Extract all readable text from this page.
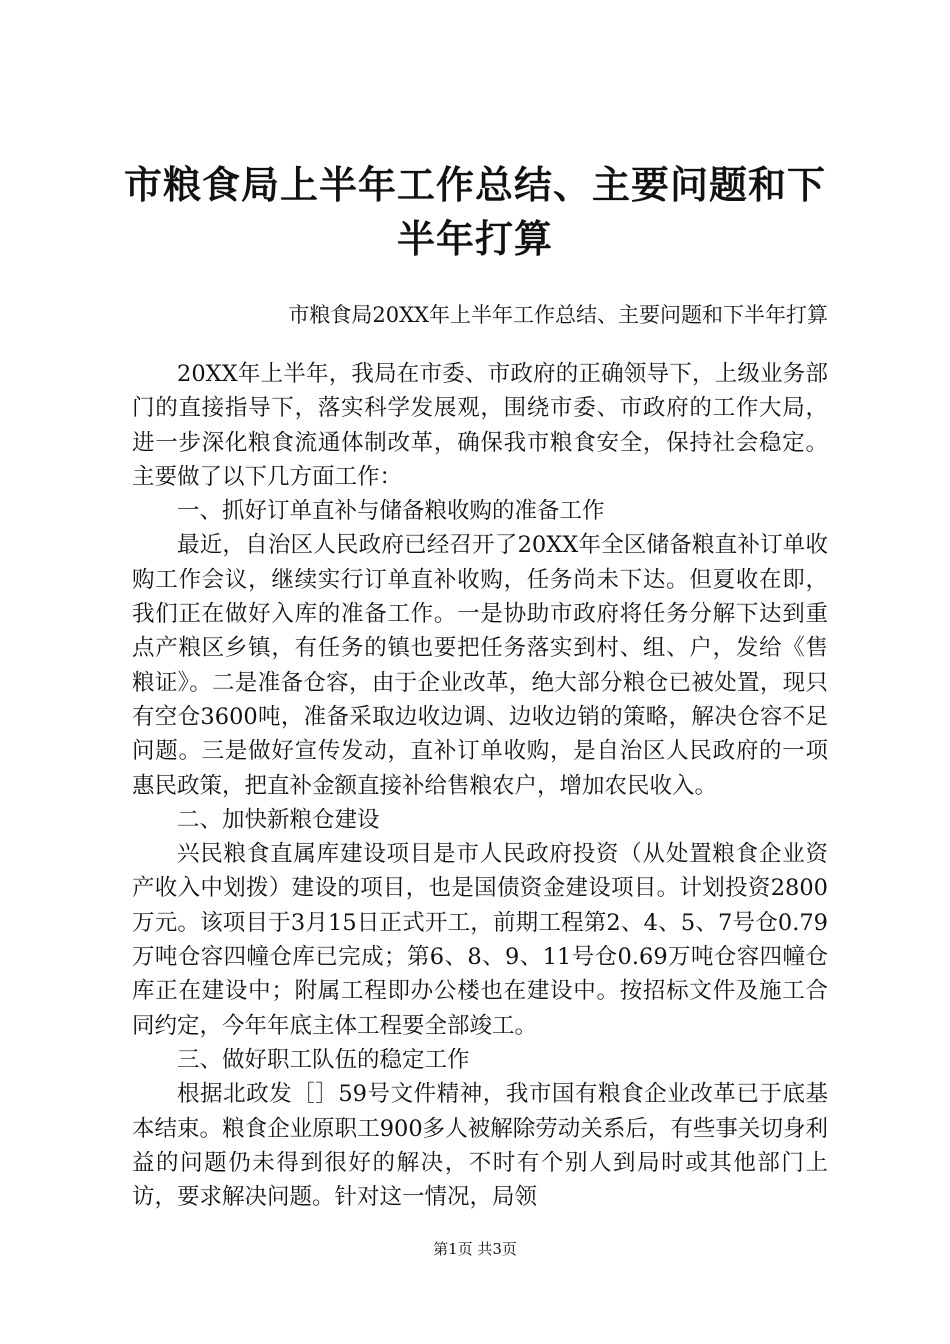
市粮食局上半年工作总结、主要问题和下半年打算

市粮食局20XX年上半年工作总结、主要问题和下半年打算

20XX年上半年，我局在市委、市政府的正确领导下，上级业务部门的直接指导下，落实科学发展观，围绕市委、市政府的工作大局，进一步深化粮食流通体制改革，确保我市粮食安全，保持社会稳定。主要做了以下几方面工作：

一、抓好订单直补与储备粮收购的准备工作

最近，自治区人民政府已经召开了20XX年全区储备粮直补订单收购工作会议，继续实行订单直补收购，任务尚未下达。但夏收在即，我们正在做好入库的准备工作。一是协助市政府将任务分解下达到重点产粮区乡镇，有任务的镇也要把任务落实到村、组、户，发给《售粮证》。二是准备仓容，由于企业改革，绝大部分粮仓已被处置，现只有空仓3600吨，准备采取边收边调、边收边销的策略，解决仓容不足问题。三是做好宣传发动，直补订单收购，是自治区人民政府的一项惠民政策，把直补金额直接补给售粮农户，增加农民收入。

二、加快新粮仓建设

兴民粮食直属库建设项目是市人民政府投资（从处置粮食企业资产收入中划拨）建设的项目，也是国债资金建设项目。计划投资2800万元。该项目于3月15日正式开工，前期工程第2、4、5、7号仓0.79万吨仓容四幢仓库已完成；第6、8、9、11号仓0.69万吨仓容四幢仓库正在建设中；附属工程即办公楼也在建设中。按招标文件及施工合同约定，今年年底主体工程要全部竣工。

三、做好职工队伍的稳定工作

根据北政发［］59号文件精神，我市国有粮食企业改革已于底基本结束。粮食企业原职工900多人被解除劳动关系后，有些事关切身利益的问题仍未得到很好的解决，不时有个别人到局时或其他部门上访，要求解决问题。针对这一情况，局领

第1页 共3页
